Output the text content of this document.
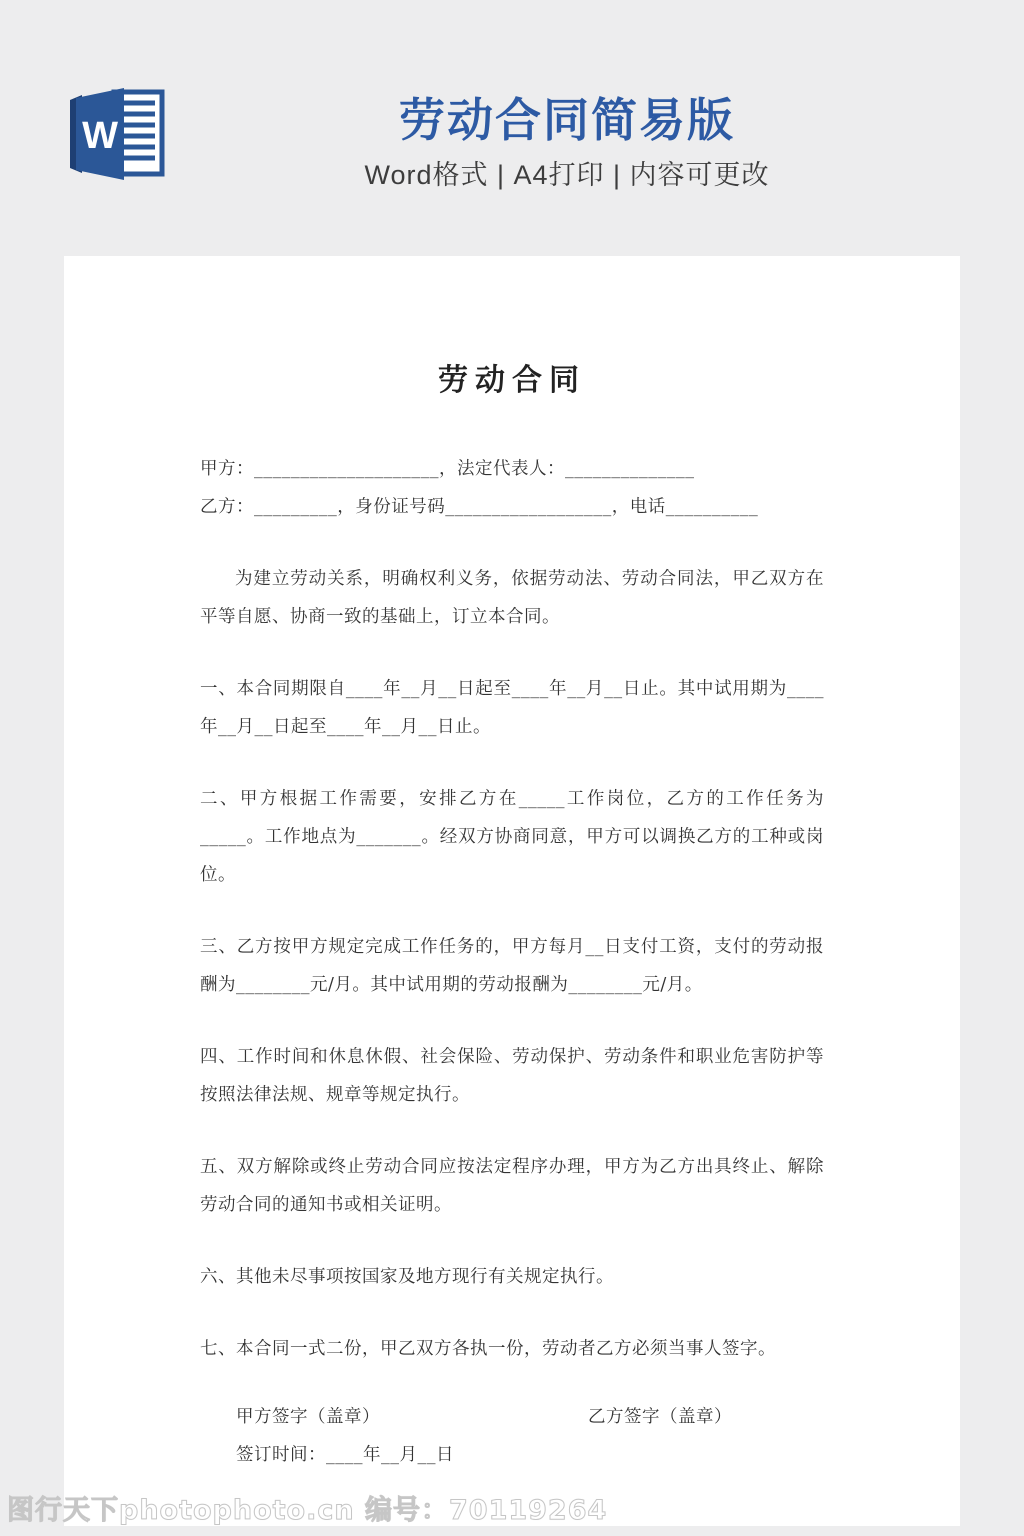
W	劳动合同简易版
Word格式 | A4打印 | 内容可更改
劳动合同
甲方：____________________，法定代表人：______________
乙方：_________，身份证号码__________________，电话__________

为建立劳动关系，明确权利义务，依据劳动法、劳动合同法，甲乙双方在平等自愿、协商一致的基础上，订立本合同。

一、本合同期限自____年__月__日起至____年__月__日止。其中试用期为____年__月__日起至____年__月__日止。

二、甲方根据工作需要，安排乙方在_____工作岗位，乙方的工作任务为_____。工作地点为_______。经双方协商同意，甲方可以调换乙方的工种或岗位。

三、乙方按甲方规定完成工作任务的，甲方每月__日支付工资，支付的劳动报酬为________元/月。其中试用期的劳动报酬为________元/月。

四、工作时间和休息休假、社会保险、劳动保护、劳动条件和职业危害防护等按照法律法规、规章等规定执行。

五、双方解除或终止劳动合同应按法定程序办理，甲方为乙方出具终止、解除劳动合同的通知书或相关证明。

六、其他未尽事项按国家及地方现行有关规定执行。

七、本合同一式二份，甲乙双方各执一份，劳动者乙方必须当事人签字。

甲方签字（盖章）	乙方签字（盖章）
签订时间：____年__月__日
图行天下photophoto.cn 编号：70119264
